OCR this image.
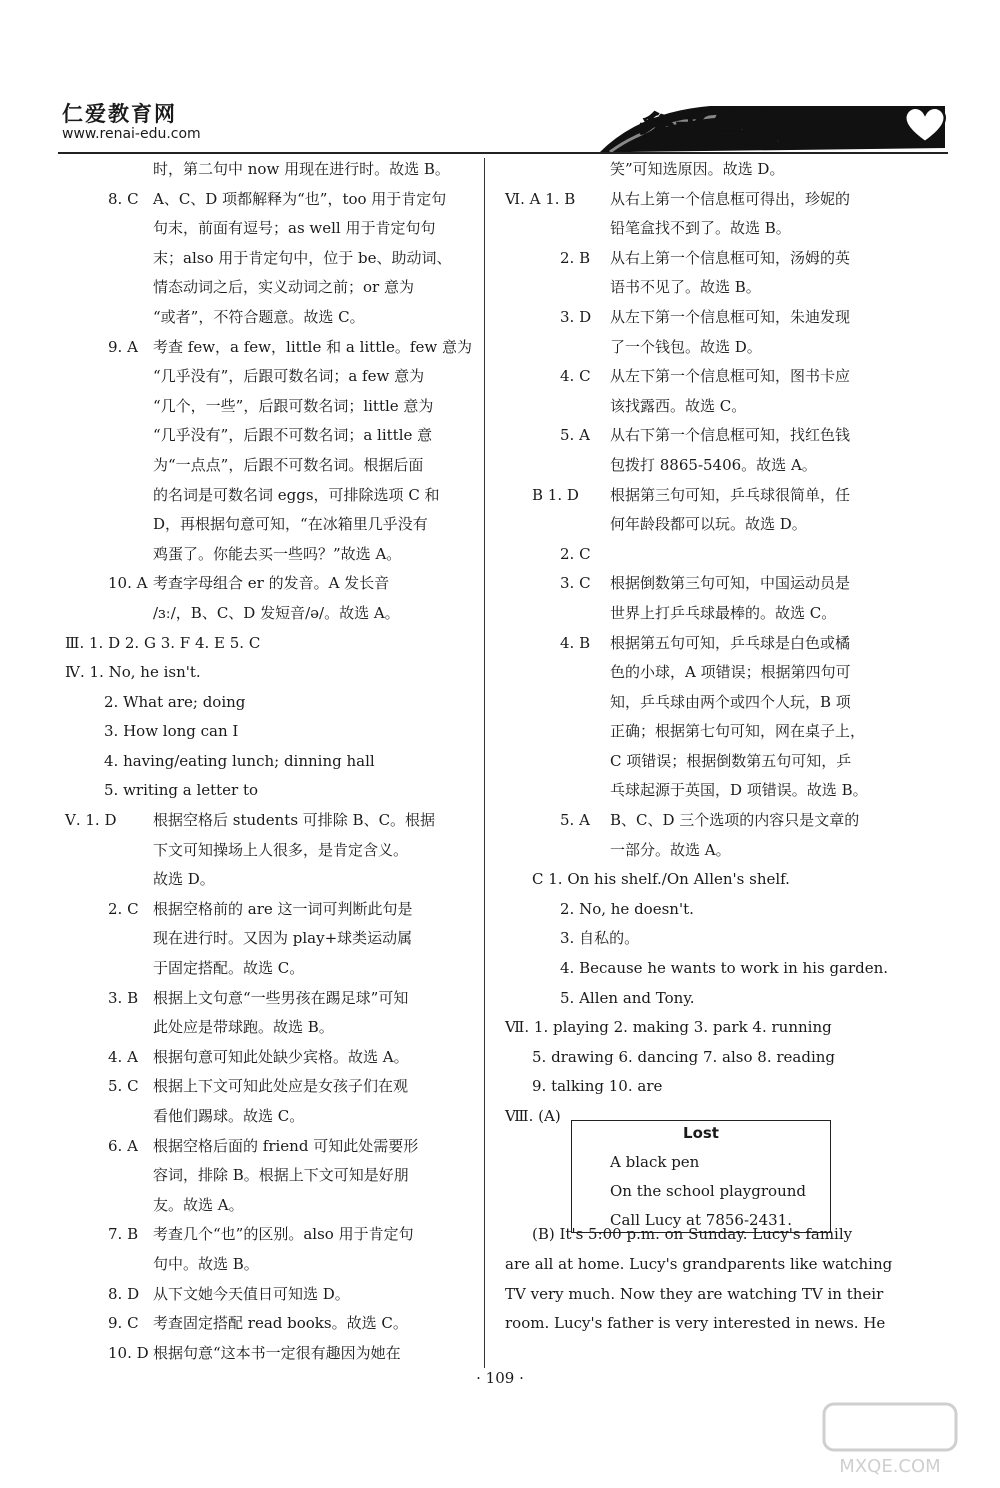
仁爱教育网
www.renai-edu.com	参考答案
时，第二句中 now 用现在进行时。故选 B。
8. C A、C、D 项都解释为“也”，too 用于肯定句
句末，前面有逗号；as well 用于肯定句句
末；also 用于肯定句中，位于 be、助动词、
情态动词之后，实义动词之前；or 意为
“或者”，不符合题意。故选 C。
9. A 考查 few，a few，little 和 a little。few 意为
“几乎没有”，后跟可数名词；a few 意为
“几个，一些”，后跟可数名词；little 意为
“几乎没有”，后跟不可数名词；a little 意
为“一点点”，后跟不可数名词。根据后面
的名词是可数名词 eggs，可排除选项 C 和
D，再根据句意可知，“在冰箱里几乎没有
鸡蛋了。你能去买一些吗？”故选 A。
10. A 考查字母组合 er 的发音。A 发长音
/ɜː/，B、C、D 发短音/ə/。故选 A。
Ⅲ. 1. D 2. G 3. F 4. E 5. C
Ⅳ. 1. No, he isn't.
2. What are; doing
3. How long can I
4. having/eating lunch; dinning hall
5. writing a letter to
Ⅴ. 1. D 根据空格后 students 可排除 B、C。根据
下文可知操场上人很多，是肯定含义。
故选 D。
2. C 根据空格前的 are 这一词可判断此句是
现在进行时。又因为 play+球类运动属
于固定搭配。故选 C。
3. B 根据上文句意“一些男孩在踢足球”可知
此处应是带球跑。故选 B。
4. A 根据句意可知此处缺少宾格。故选 A。
5. C 根据上下文可知此处应是女孩子们在观
看他们踢球。故选 C。
6. A 根据空格后面的 friend 可知此处需要形
容词，排除 B。根据上下文可知是好朋
友。故选 A。
7. B 考查几个“也”的区别。also 用于肯定句
句中。故选 B。
8. D 从下文她今天值日可知选 D。
9. C 考查固定搭配 read books。故选 C。
10. D 根据句意“这本书一定很有趣因为她在
笑”可知选原因。故选 D。
Ⅵ. A 1. B 从右上第一个信息框可得出，珍妮的
铅笔盒找不到了。故选 B。
2. B 从右上第一个信息框可知，汤姆的英
语书不见了。故选 B。
3. D 从左下第一个信息框可知，朱迪发现
了一个钱包。故选 D。
4. C 从左下第一个信息框可知，图书卡应
该找露西。故选 C。
5. A 从右下第一个信息框可知，找红色钱
包拨打 8865-5406。故选 A。
B 1. D 根据第三句可知，乒乓球很简单，任
何年龄段都可以玩。故选 D。
2. C
3. C 根据倒数第三句可知，中国运动员是
世界上打乒乓球最棒的。故选 C。
4. B 根据第五句可知，乒乓球是白色或橘
色的小球，A 项错误；根据第四句可
知，乒乓球由两个或四个人玩，B 项
正确；根据第七句可知，网在桌子上，
C 项错误；根据倒数第五句可知，乒
乓球起源于英国，D 项错误。故选 B。
5. A B、C、D 三个选项的内容只是文章的
一部分。故选 A。
C 1. On his shelf./On Allen's shelf.
2. No, he doesn't.
3. 自私的。
4. Because he wants to work in his garden.
5. Allen and Tony.
Ⅶ. 1. playing 2. making 3. park 4. running
5. drawing 6. dancing 7. also 8. reading
9. talking 10. are
Ⅷ. (A)
(B) It's 5:00 p.m. on Sunday. Lucy's family
are all at home. Lucy's grandparents like watching
TV very much. Now they are watching TV in their
room. Lucy's father is very interested in news. He
Lost
A black pen
On the school playground
Call Lucy at 7856-2431.
· 109 ·
MXQE.COM
